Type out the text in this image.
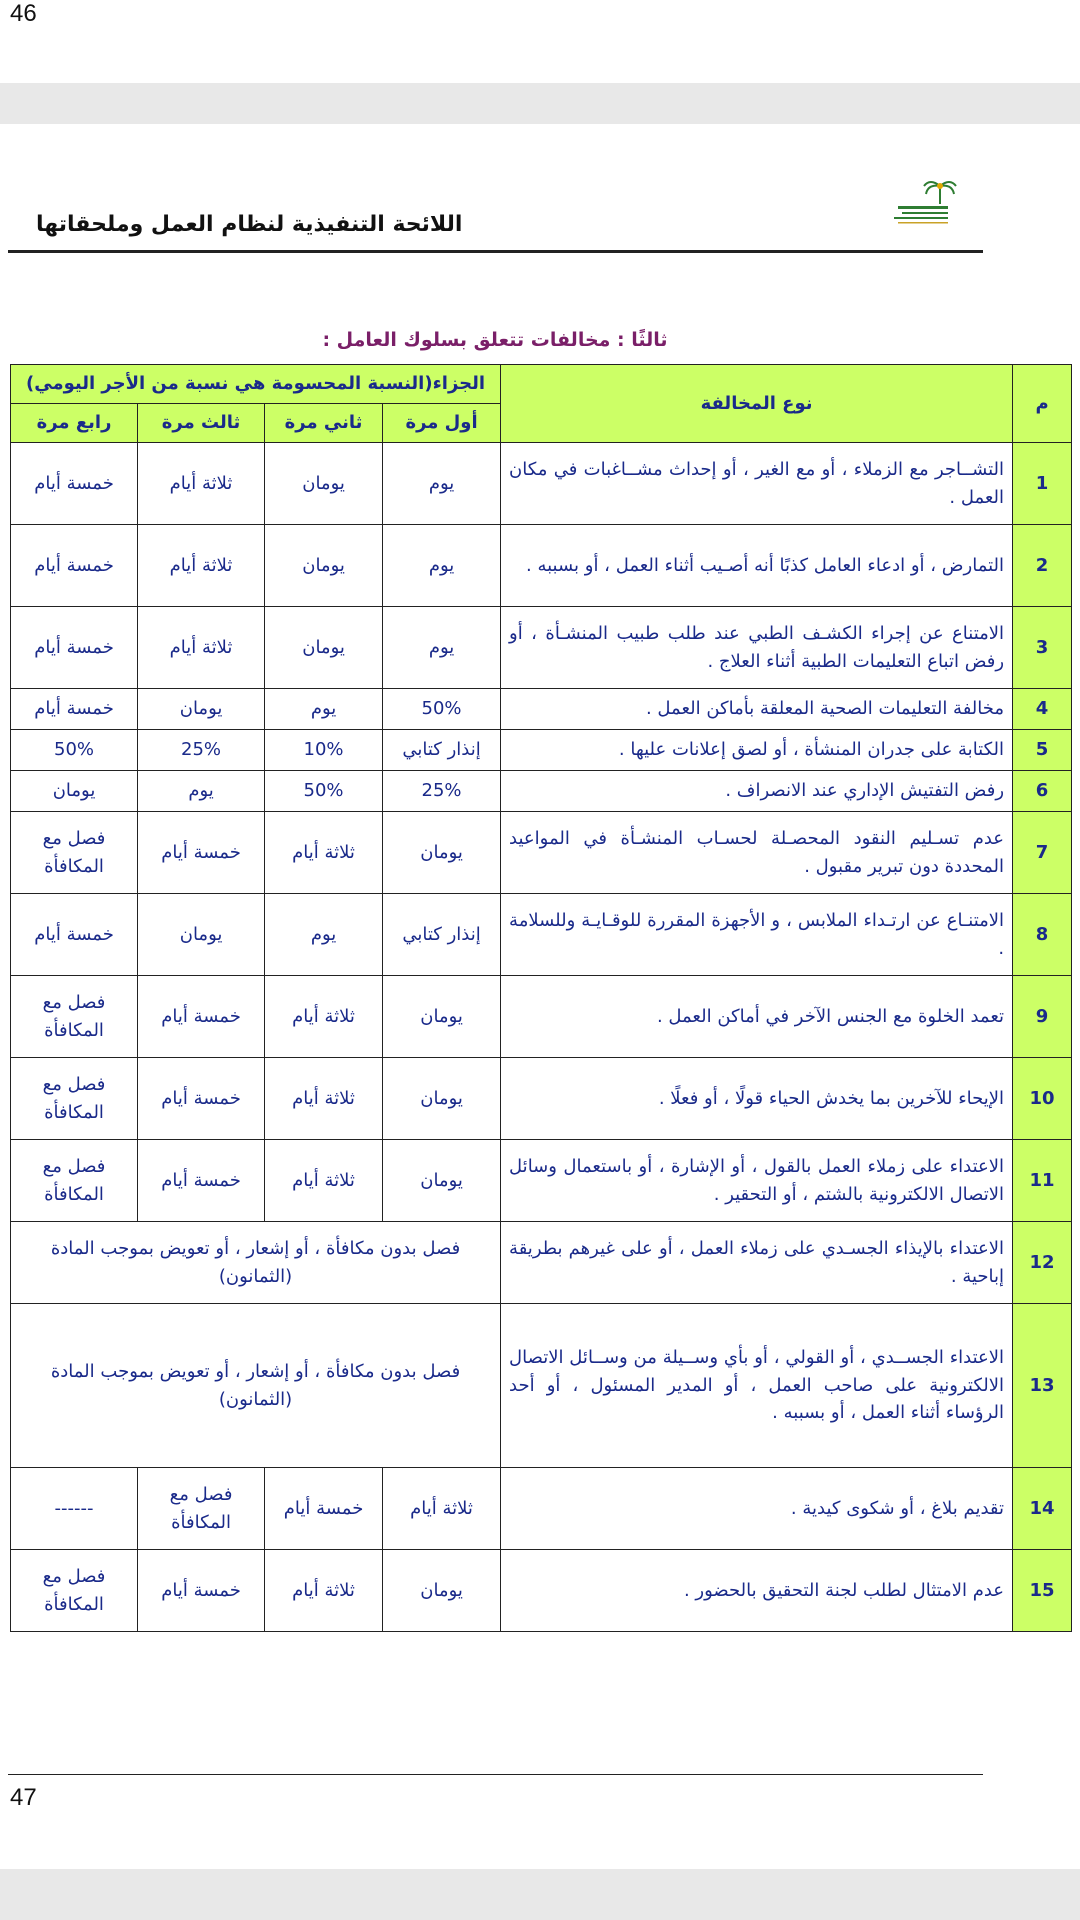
46
اللائحة التنفيذية لنظام العمل وملحقاتها
ثالثًا : مخالفات تتعلق بسلوك العامل :
م	نوع المخالفة	الجزاء(النسبة المحسومة هي نسبة من الأجر اليومي)			
		أول مرة	ثاني مرة	ثالث مرة	رابع مرة
1	التشــاجر مع الزملاء ، أو مع الغير ، أو إحداث مشــاغبات في مكان العمل .	يوم	يومان	ثلاثة أيام	خمسة أيام
2	التمارض ، أو ادعاء العامل كذبًا أنه أصـيب أثناء العمل ، أو بسببه .	يوم	يومان	ثلاثة أيام	خمسة أيام
3	الامتناع عن إجراء الكشـف الطبي عند طلب طبيب المنشـأة ، أو رفض اتباع التعليمات الطبية أثناء العلاج .	يوم	يومان	ثلاثة أيام	خمسة أيام
4	مخالفة التعليمات الصحية المعلقة بأماكن العمل .	50%	يوم	يومان	خمسة أيام
5	الكتابة على جدران المنشأة ، أو لصق إعلانات عليها .	إنذار كتابي	10%	25%	50%
6	رفض التفتيش الإداري عند الانصراف .	25%	50%	يوم	يومان
7	عدم تسـليم النقود المحصـلة لحسـاب المنشـأة في المواعيد المحددة دون تبرير مقبول .	يومان	ثلاثة أيام	خمسة أيام	فصل مع المكافأة
8	الامتنـاع عن ارتـداء الملابس ، و الأجهزة المقررة للوقـايـة وللسلامة .	إنذار كتابي	يوم	يومان	خمسة أيام
9	تعمد الخلوة مع الجنس الآخر في أماكن العمل .	يومان	ثلاثة أيام	خمسة أيام	فصل مع المكافأة
10	الإيحاء للآخرين بما يخدش الحياء قولًا ، أو فعلًا .	يومان	ثلاثة أيام	خمسة أيام	فصل مع المكافأة
11	الاعتداء على زملاء العمل بالقول ، أو الإشارة ، أو باستعمال وسائل الاتصال الالكترونية بالشتم ، أو التحقير .	يومان	ثلاثة أيام	خمسة أيام	فصل مع المكافأة
12	الاعتداء بالإيذاء الجسـدي على زملاء العمل ، أو على غيرهم بطريقة إباحية .	فصل بدون مكافأة ، أو إشعار ، أو تعويض بموجب المادة (الثمانون)			
13	الاعتداء الجســدي ، أو القولي ، أو بأي وســيلة من وســائل الاتصال الالكترونية على صاحب العمل ، أو المدير المسئول ، أو أحد الرؤساء أثناء العمل ، أو بسببه .	فصل بدون مكافأة ، أو إشعار ، أو تعويض بموجب المادة (الثمانون)			
14	تقديم بلاغ ، أو شكوى كيدية .	ثلاثة أيام	خمسة أيام	فصل مع المكافأة	------
15	عدم الامتثال لطلب لجنة التحقيق بالحضور .	يومان	ثلاثة أيام	خمسة أيام	فصل مع المكافأة
47
